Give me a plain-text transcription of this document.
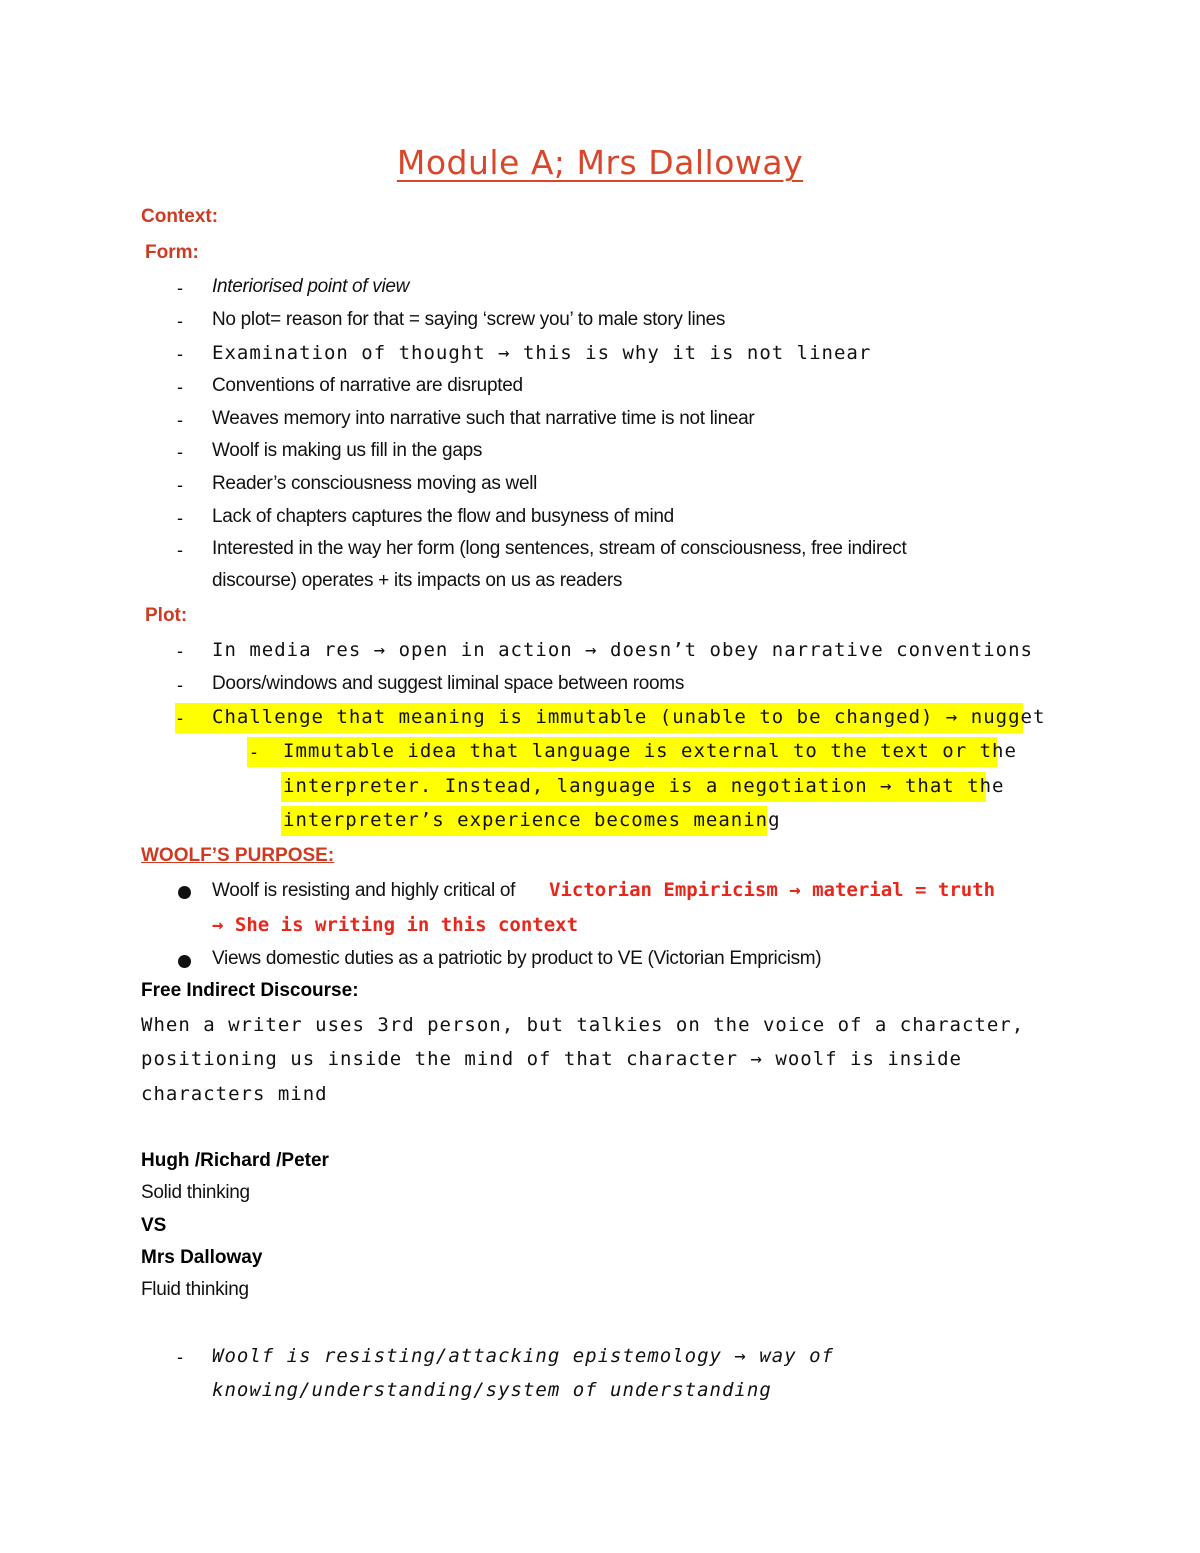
Module A; Mrs Dalloway
Context:
Form:
- Interiorised point of view
- No plot= reason for that = saying ‘screw you’ to male story lines
- Examination of thought → this is why it is not linear
- Conventions of narrative are disrupted
- Weaves memory into narrative such that narrative time is not linear
- Woolf is making us fill in the gaps
- Reader’s consciousness moving as well
- Lack of chapters captures the flow and busyness of mind
- Interested in the way her form (long sentences, stream of consciousness, free indirect
discourse) operates + its impacts on us as readers
Plot:
- In media res → open in action → doesn’t obey narrative conventions
- Doors/windows and suggest liminal space between rooms
- Challenge that meaning is immutable (unable to be changed) → nugget
- Immutable idea that language is external to the text or the
interpreter. Instead, language is a negotiation → that the
interpreter’s experience becomes meaning
WOOLF’S PURPOSE:
Woolf is resisting and highly critical of Victorian Empiricism → material = truth
→ She is writing in this context
Views domestic duties as a patriotic by product to VE (Victorian Empricism)
Free Indirect Discourse:
When a writer uses 3rd person, but talkies on the voice of a character,
positioning us inside the mind of that character → woolf is inside
characters mind
Hugh /Richard /Peter
Solid thinking
VS
Mrs Dalloway
Fluid thinking
- Woolf is resisting/attacking epistemology → way of
knowing/understanding/system of understanding
